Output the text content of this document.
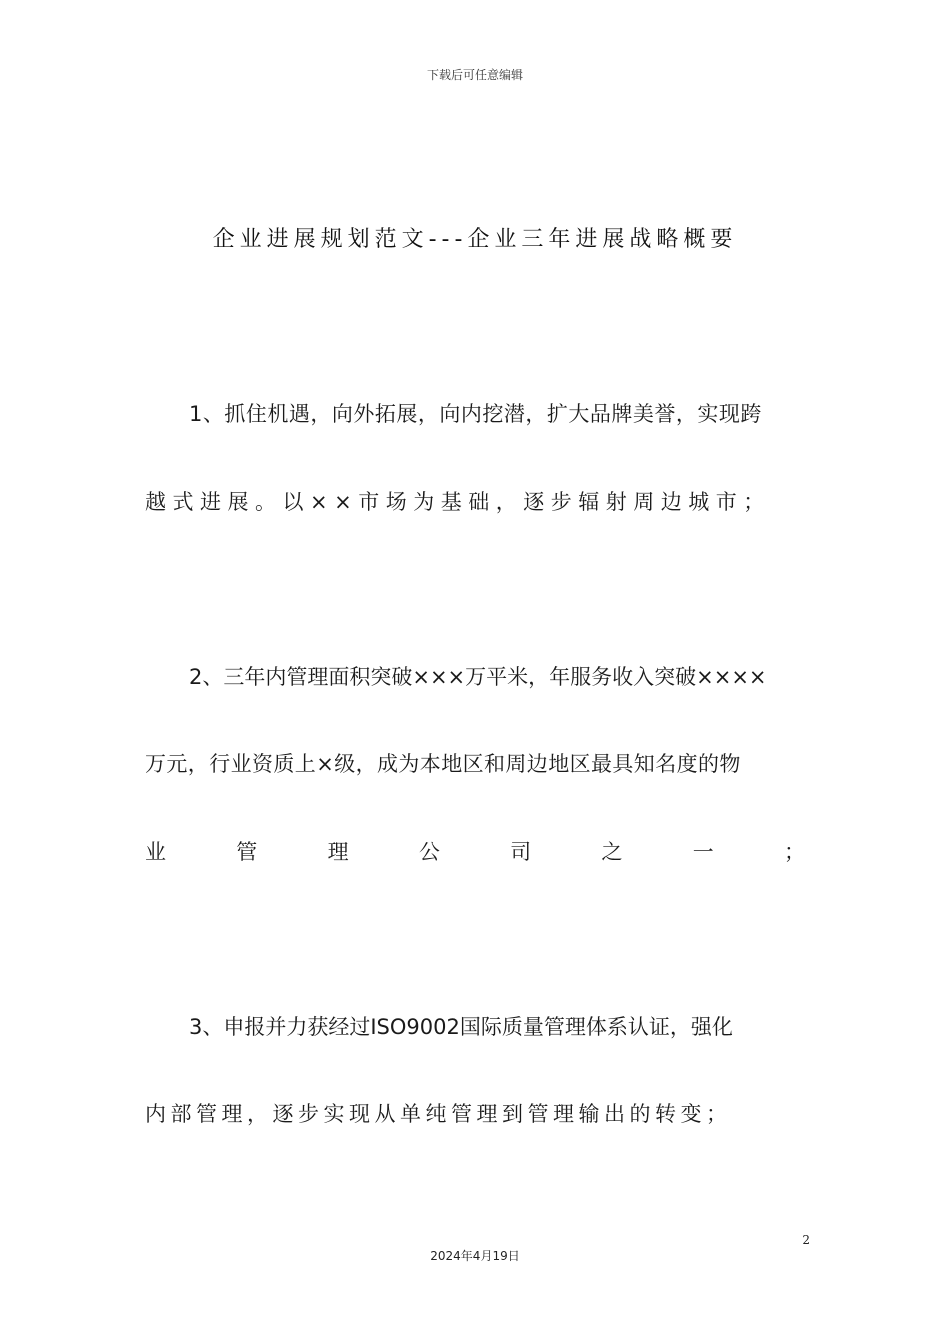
下载后可任意编辑
企业进展规划范文---企业三年进展战略概要
1、抓住机遇，向外拓展，向内挖潜，扩大品牌美誉，实现跨
越式进展。以××市场为基础，逐步辐射周边城市；
2、三年内管理面积突破×××万平米，年服务收入突破××××
万元，行业资质上×级，成为本地区和周边地区最具知名度的物
业	管	理	公	司	之	一	；
3、申报并力获经过ISO9002国际质量管理体系认证，强化
内部管理，逐步实现从单纯管理到管理输出的转变；
2
2024年4月19日
